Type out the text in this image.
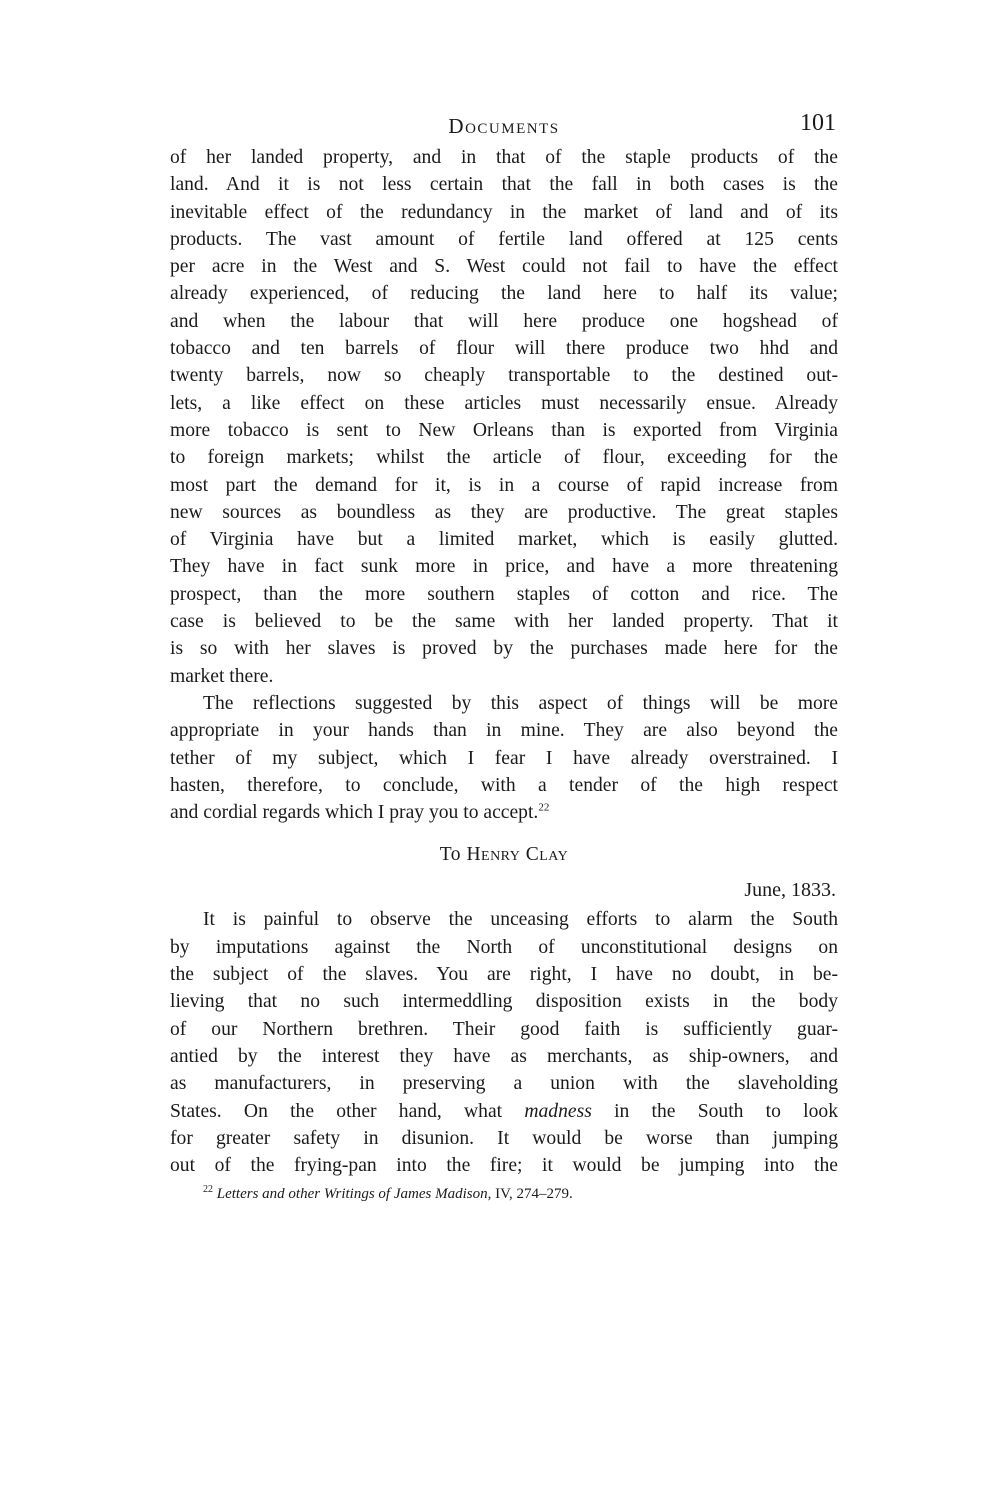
Documents	101
of her landed property, and in that of the staple products of the
land. And it is not less certain that the fall in both cases is the
inevitable effect of the redundancy in the market of land and of its
products. The vast amount of fertile land offered at 125 cents
per acre in the West and S. West could not fail to have the effect
already experienced, of reducing the land here to half its value;
and when the labour that will here produce one hogshead of
tobacco and ten barrels of flour will there produce two hhd and
twenty barrels, now so cheaply transportable to the destined out-
lets, a like effect on these articles must necessarily ensue. Already
more tobacco is sent to New Orleans than is exported from Virginia
to foreign markets; whilst the article of flour, exceeding for the
most part the demand for it, is in a course of rapid increase from
new sources as boundless as they are productive. The great staples
of Virginia have but a limited market, which is easily glutted.
They have in fact sunk more in price, and have a more threatening
prospect, than the more southern staples of cotton and rice. The
case is believed to be the same with her landed property. That it
is so with her slaves is proved by the purchases made here for the
market there.
The reflections suggested by this aspect of things will be more
appropriate in your hands than in mine. They are also beyond the
tether of my subject, which I fear I have already overstrained. I
hasten, therefore, to conclude, with a tender of the high respect
and cordial regards which I pray you to accept.$^{22}$
To Henry Clay
June, 1833.
It is painful to observe the unceasing efforts to alarm the South
by imputations against the North of unconstitutional designs on
the subject of the slaves. You are right, I have no doubt, in be-
lieving that no such intermeddling disposition exists in the body
of our Northern brethren. Their good faith is sufficiently guar-
antied by the interest they have as merchants, as ship-owners, and
as manufacturers, in preserving a union with the slaveholding
States. On the other hand, what madness in the South to look
for greater safety in disunion. It would be worse than jumping
out of the frying-pan into the fire; it would be jumping into the
$^{22}$ Letters and other Writings of James Madison, IV, 274–279.
